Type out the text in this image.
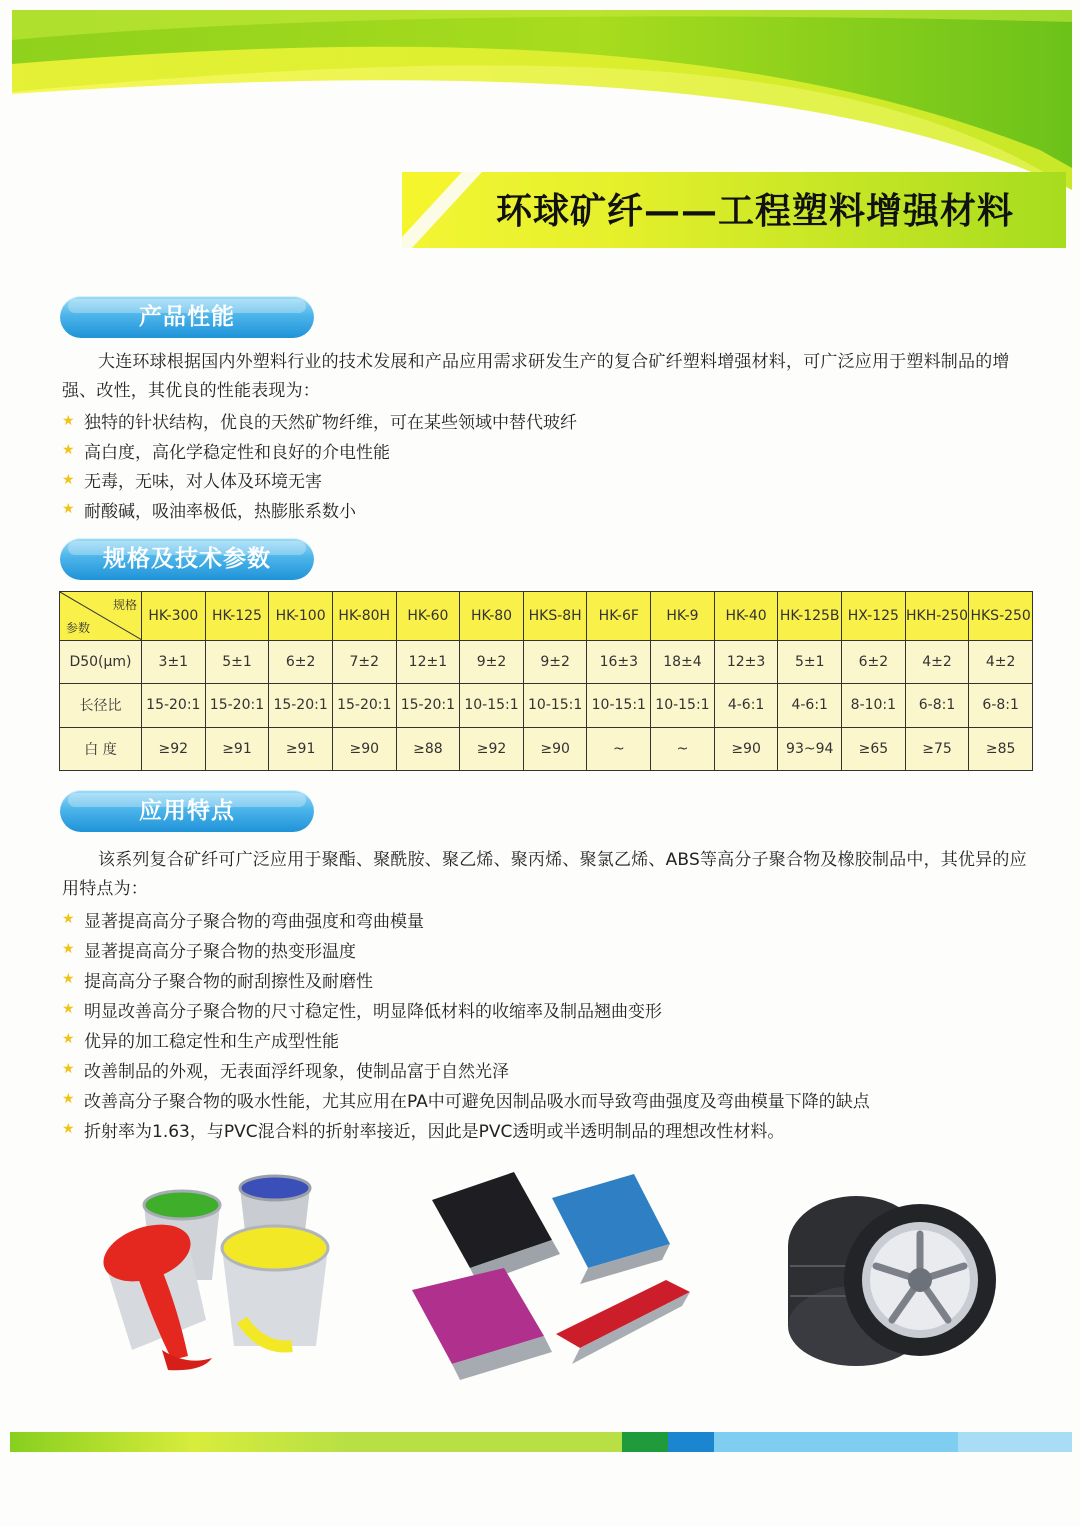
环球矿纤——工程塑料增强材料
产品性能
大连环球根据国内外塑料行业的技术发展和产品应用需求研发生产的复合矿纤塑料增强材料，可广泛应用于塑料制品的增强、改性，其优良的性能表现为：
★ 独特的针状结构，优良的天然矿物纤维，可在某些领域中替代玻纤
★ 高白度，高化学稳定性和良好的介电性能
★ 无毒，无味，对人体及环境无害
★ 耐酸碱，吸油率极低，热膨胀系数小
规格及技术参数
规格
参数	HK-300	HK-125	HK-100	HK-80H	HK-60	HK-80	HKS-8H	HK-6F	HK-9	HK-40	HK-125B	HX-125	HKH-250	HKS-250
D50(μm)	3±1	5±1	6±2	7±2	12±1	9±2	9±2	16±3	18±4	12±3	5±1	6±2	4±2	4±2
长径比	15-20:1	15-20:1	15-20:1	15-20:1	15-20:1	10-15:1	10-15:1	10-15:1	10-15:1	4-6:1	4-6:1	8-10:1	6-8:1	6-8:1
白 度	≥92	≥91	≥91	≥90	≥88	≥92	≥90	~	~	≥90	93~94	≥65	≥75	≥85
应用特点
该系列复合矿纤可广泛应用于聚酯、聚酰胺、聚乙烯、聚丙烯、聚氯乙烯、ABS等高分子聚合物及橡胶制品中，其优异的应用特点为：
★ 显著提高高分子聚合物的弯曲强度和弯曲模量
★ 显著提高高分子聚合物的热变形温度
★ 提高高分子聚合物的耐刮擦性及耐磨性
★ 明显改善高分子聚合物的尺寸稳定性，明显降低材料的收缩率及制品翘曲变形
★ 优异的加工稳定性和生产成型性能
★ 改善制品的外观，无表面浮纤现象，使制品富于自然光泽
★ 改善高分子聚合物的吸水性能，尤其应用在PA中可避免因制品吸水而导致弯曲强度及弯曲模量下降的缺点
★ 折射率为1.63，与PVC混合料的折射率接近，因此是PVC透明或半透明制品的理想改性材料。
